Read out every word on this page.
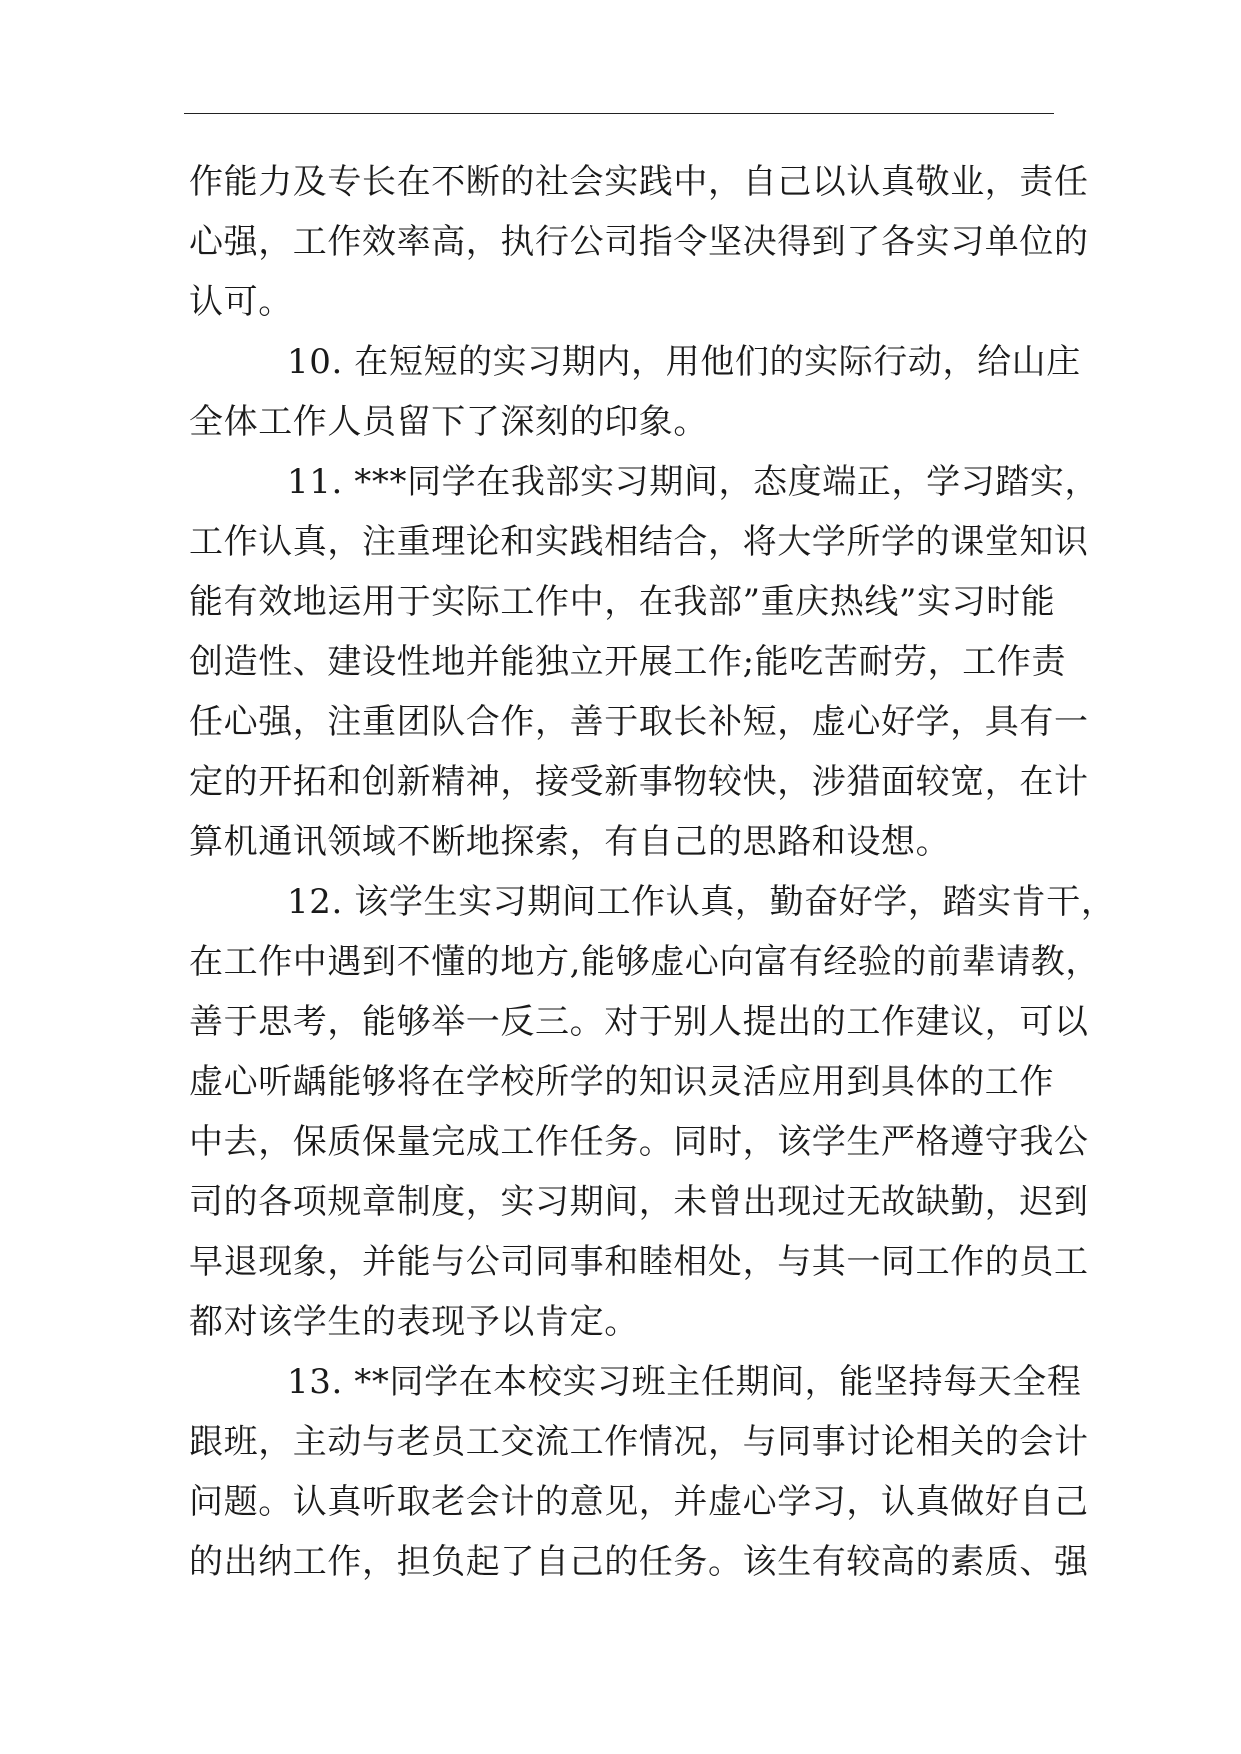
作能力及专长在不断的社会实践中，自己以认真敬业，责任
心强，工作效率高，执行公司指令坚决得到了各实习单位的
认可。
10. 在短短的实习期内，用他们的实际行动，给山庄
全体工作人员留下了深刻的印象。
11. ***同学在我部实习期间，态度端正，学习踏实，
工作认真，注重理论和实践相结合，将大学所学的课堂知识
能有效地运用于实际工作中，在我部”重庆热线”实习时能
创造性、建设性地并能独立开展工作;能吃苦耐劳，工作责
任心强，注重团队合作，善于取长补短，虚心好学，具有一
定的开拓和创新精神，接受新事物较快，涉猎面较宽，在计
算机通讯领域不断地探索，有自己的思路和设想。
12. 该学生实习期间工作认真，勤奋好学，踏实肯干，
在工作中遇到不懂的地方,能够虚心向富有经验的前辈请教，
善于思考，能够举一反三。对于别人提出的工作建议，可以
虚心听龋能够将在学校所学的知识灵活应用到具体的工作
中去，保质保量完成工作任务。同时，该学生严格遵守我公
司的各项规章制度，实习期间，未曾出现过无故缺勤，迟到
早退现象，并能与公司同事和睦相处，与其一同工作的员工
都对该学生的表现予以肯定。
13. **同学在本校实习班主任期间，能坚持每天全程
跟班，主动与老员工交流工作情况，与同事讨论相关的会计
问题。认真听取老会计的意见，并虚心学习，认真做好自己
的出纳工作，担负起了自己的任务。该生有较高的素质、强
